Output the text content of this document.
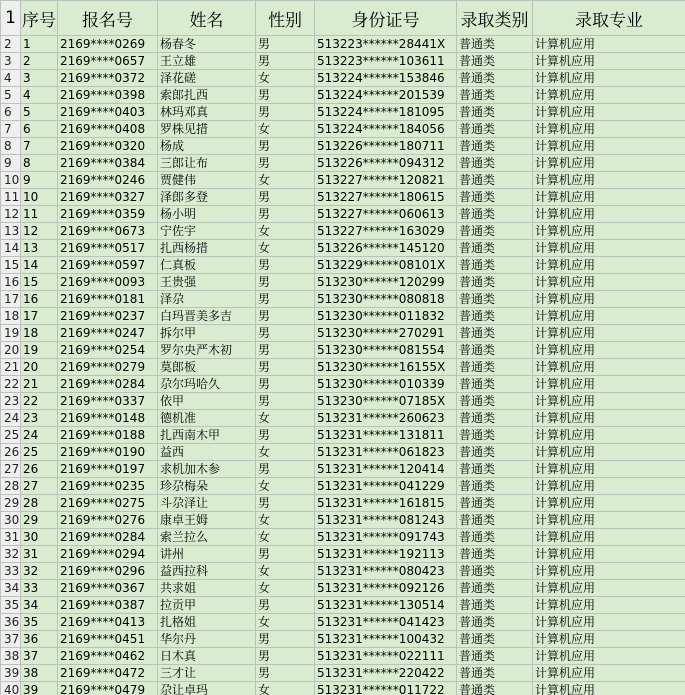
1	序号	报名号	姓名	性别	身份证号	录取类别	录取专业
2	1	2169****0269	杨春冬	男	513223******28441X	普通类	计算机应用
3	2	2169****0657	王立雄	男	513223******103611	普通类	计算机应用
4	3	2169****0372	泽花磋	女	513224******153846	普通类	计算机应用
5	4	2169****0398	索郎扎西	男	513224******201539	普通类	计算机应用
6	5	2169****0403	林玛邓真	男	513224******181095	普通类	计算机应用
7	6	2169****0408	罗株见措	女	513224******184056	普通类	计算机应用
8	7	2169****0320	杨成	男	513226******180711	普通类	计算机应用
9	8	2169****0384	三郎让布	男	513226******094312	普通类	计算机应用
10	9	2169****0246	贾健伟	女	513227******120821	普通类	计算机应用
11	10	2169****0327	泽郎多登	男	513227******180615	普通类	计算机应用
12	11	2169****0359	杨小明	男	513227******060613	普通类	计算机应用
13	12	2169****0673	宁佐宇	女	513227******163029	普通类	计算机应用
14	13	2169****0517	扎西杨措	女	513226******145120	普通类	计算机应用
15	14	2169****0597	仁真板	男	513229******08101X	普通类	计算机应用
16	15	2169****0093	王贵强	男	513230******120299	普通类	计算机应用
17	16	2169****0181	泽尕	男	513230******080818	普通类	计算机应用
18	17	2169****0237	白玛晋美多吉	男	513230******011832	普通类	计算机应用
19	18	2169****0247	拆尔甲	男	513230******270291	普通类	计算机应用
20	19	2169****0254	罗尔央严木初	男	513230******081554	普通类	计算机应用
21	20	2169****0279	莫郎板	男	513230******16155X	普通类	计算机应用
22	21	2169****0284	尕尔玛哈久	男	513230******010339	普通类	计算机应用
23	22	2169****0337	依甲	男	513230******07185X	普通类	计算机应用
24	23	2169****0148	德机准	女	513231******260623	普通类	计算机应用
25	24	2169****0188	扎西南木甲	男	513231******131811	普通类	计算机应用
26	25	2169****0190	益西	女	513231******061823	普通类	计算机应用
27	26	2169****0197	求机加木参	男	513231******120414	普通类	计算机应用
28	27	2169****0235	珍尕梅朵	女	513231******041229	普通类	计算机应用
29	28	2169****0275	斗尕泽让	男	513231******161815	普通类	计算机应用
30	29	2169****0276	康卓王姆	女	513231******081243	普通类	计算机应用
31	30	2169****0284	索兰拉么	女	513231******091743	普通类	计算机应用
32	31	2169****0294	讲州	男	513231******192113	普通类	计算机应用
33	32	2169****0296	益西拉科	女	513231******080423	普通类	计算机应用
34	33	2169****0367	共求姐	女	513231******092126	普通类	计算机应用
35	34	2169****0387	拉贡甲	男	513231******130514	普通类	计算机应用
36	35	2169****0413	扎格姐	女	513231******041423	普通类	计算机应用
37	36	2169****0451	华尔丹	男	513231******100432	普通类	计算机应用
38	37	2169****0462	日木真	男	513231******022111	普通类	计算机应用
39	38	2169****0472	三才让	男	513231******220422	普通类	计算机应用
40	39	2169****0479	尕让卓玛	女	513231******011722	普通类	计算机应用
